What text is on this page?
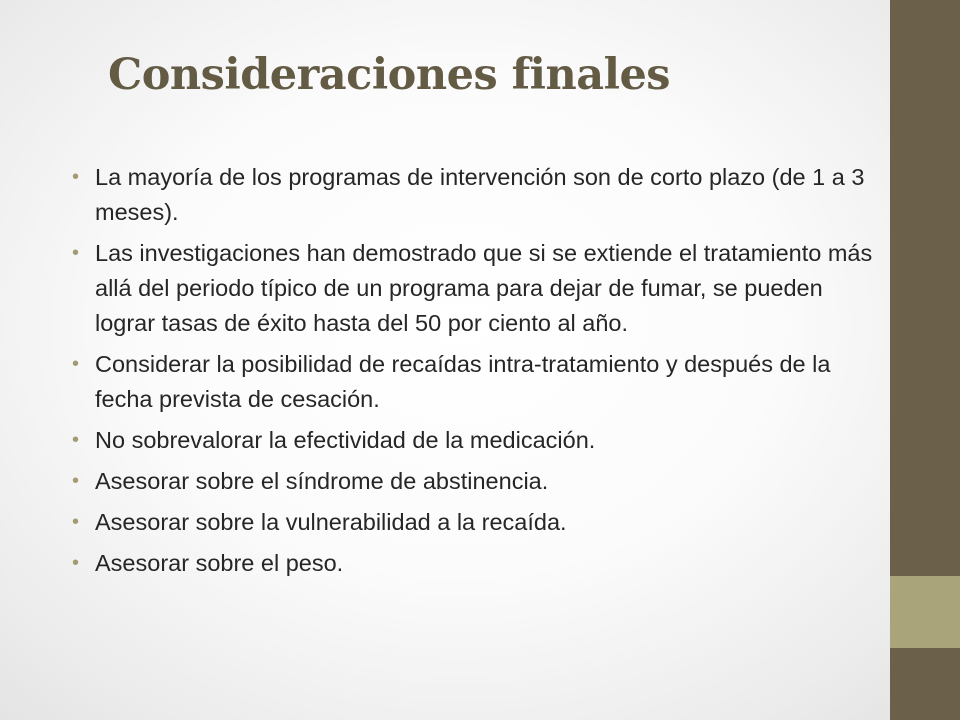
Consideraciones finales
• La mayoría de los programas de intervención son de corto plazo (de 1 a 3 meses).
• Las investigaciones han demostrado que si se extiende el tratamiento más allá del periodo típico de un programa para dejar de fumar, se pueden lograr tasas de éxito hasta del 50 por ciento al año.
• Considerar la posibilidad de recaídas intra-tratamiento y después de la fecha prevista de cesación.
• No sobrevalorar la efectividad de la medicación.
• Asesorar sobre el síndrome de abstinencia.
• Asesorar sobre la vulnerabilidad a la recaída.
• Asesorar sobre el peso.
